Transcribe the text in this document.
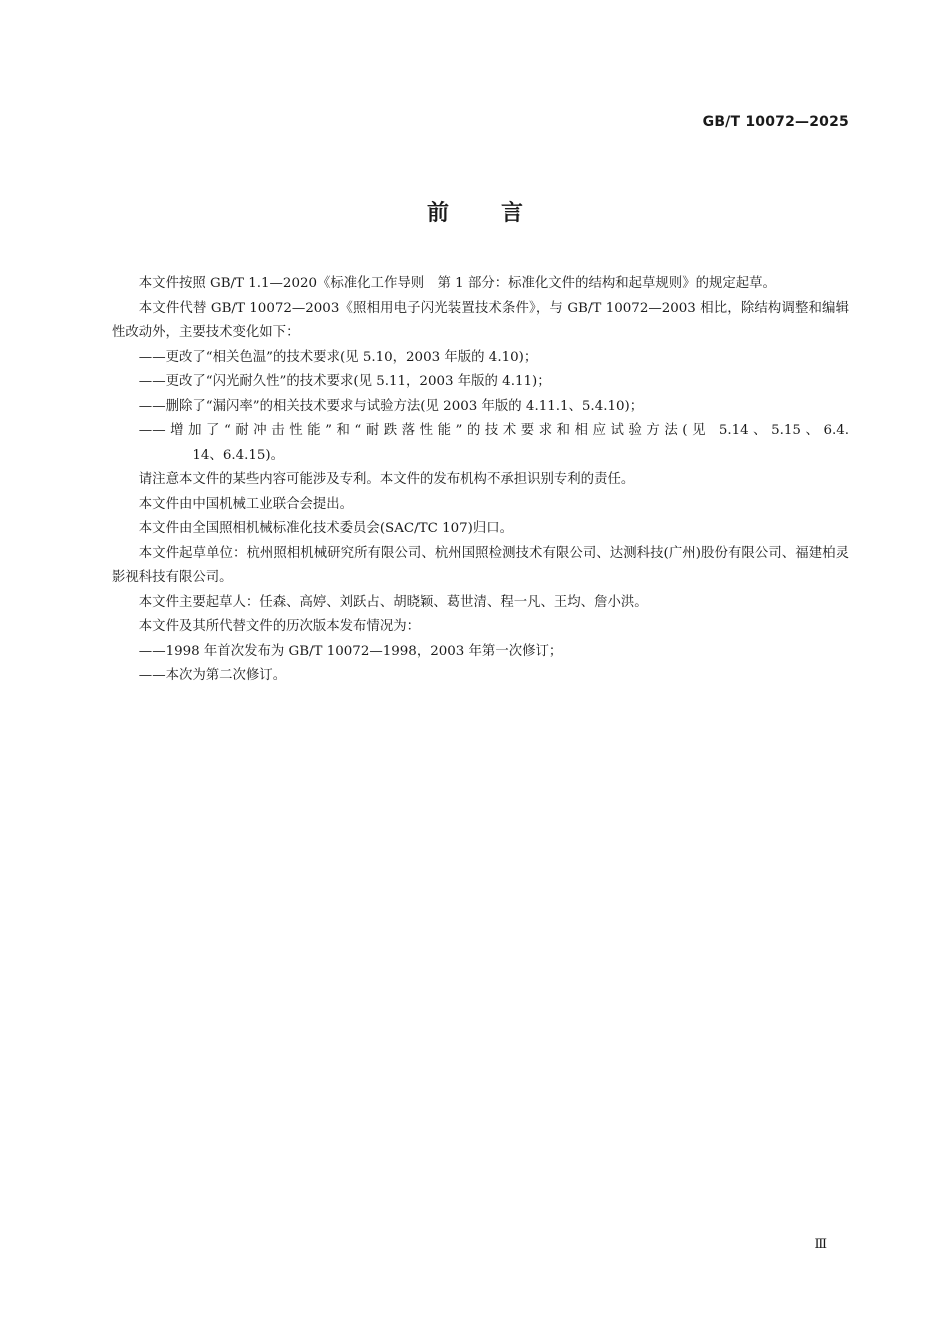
GB/T 10072—2025
前言

本文件按照 GB/T 1.1—2020《标准化工作导则　第 1 部分：标准化文件的结构和起草规则》的规定起草。

本文件代替 GB/T 10072—2003《照相用电子闪光装置技术条件》，与 GB/T 10072—2003 相比，除结构调整和编辑性改动外，主要技术变化如下：

——更改了“相关色温”的技术要求(见 5.10，2003 年版的 4.10)；

——更改了“闪光耐久性”的技术要求(见 5.11，2003 年版的 4.11)；

——删除了“漏闪率”的相关技术要求与试验方法(见 2003 年版的 4.11.1、5.4.10)；

——增加了“耐冲击性能”和“耐跌落性能”的技术要求和相应试验方法(见 5.14、5.15、6.4.
14、6.4.15)。

请注意本文件的某些内容可能涉及专利。本文件的发布机构不承担识别专利的责任。

本文件由中国机械工业联合会提出。

本文件由全国照相机械标准化技术委员会(SAC/TC 107)归口。

本文件起草单位：杭州照相机械研究所有限公司、杭州国照检测技术有限公司、达测科技(广州)股份有限公司、福建柏灵影视科技有限公司。

本文件主要起草人：任森、高婷、刘跃占、胡晓颖、葛世清、程一凡、王均、詹小洪。

本文件及其所代替文件的历次版本发布情况为：

——1998 年首次发布为 GB/T 10072—1998，2003 年第一次修订；

——本次为第二次修订。

Ⅲ
